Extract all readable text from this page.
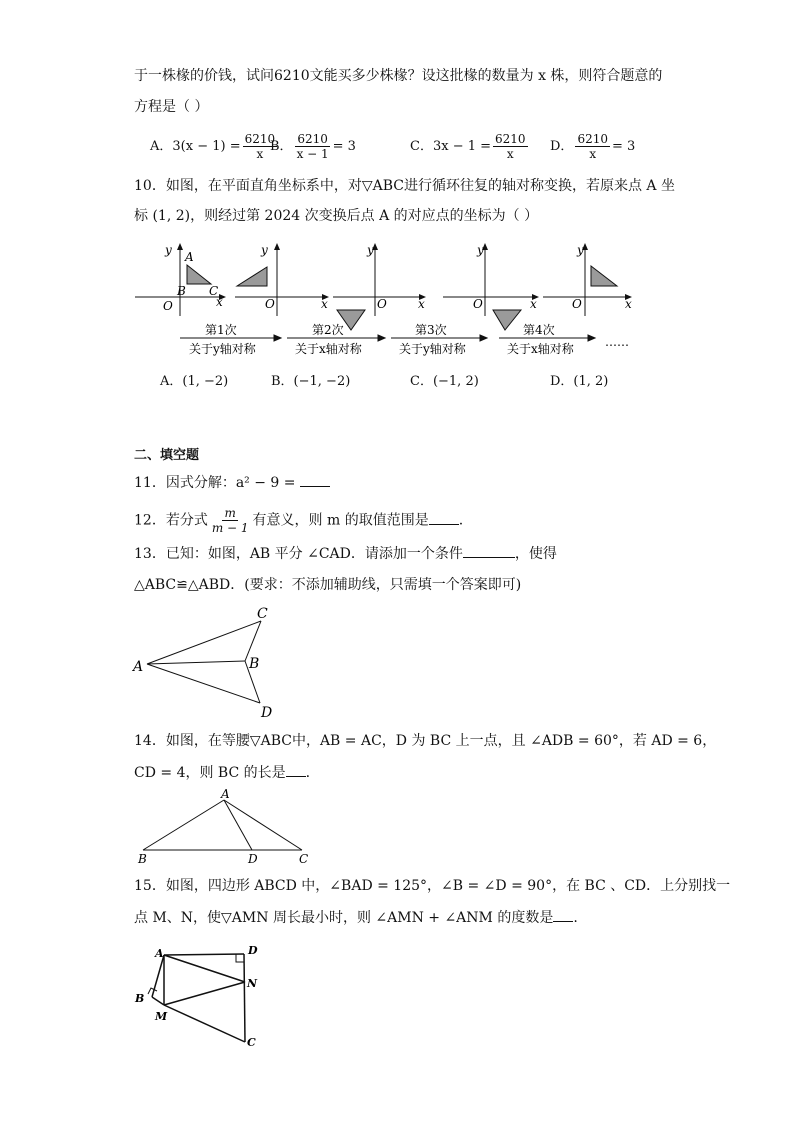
于一株椽的价钱，试问6210文能买多少株椽？设这批椽的数量为 x 株，则符合题意的
方程是（ ）
A．$3(x - 1) = \frac{6210}{x}$
B． $\frac{6210}{x - 1} = 3$	C．$3x - 1 = \frac{6210}{x}$ D． $\frac{6210}{x} = 3$
10．如图，在平面直角坐标系中，对▽ABC进行循环往复的轴对称变换，若原来点 A 坐
标 (1, 2)，则经过第 2024 次变换后点 A 的对应点的坐标为（ ）
y
x
O
A
B C
y
x
O
y
x
O
y
x
O
y
x
O
第1次
关于y轴对称
第2次
关于x轴对称
第3次
关于y轴对称
第4次
关于x轴对称	……
A．(1, −2)	B．(−1, −2)	C．(−1, 2)	D．(1, 2)
二、填空题
11．因式分解：a² − 9 =
12．若分式 $\frac{m}{m - 1}$ 有意义，则 m 的取值范围是 .
13．已知：如图，AB 平分 ∠CAD．请添加一个条件	，使得
△ABC≌△ABD．(要求：不添加辅助线，只需填一个答案即可)
A	B
C
D
14．如图，在等腰▽ABC中，AB = AC，D 为 BC 上一点，且 ∠ADB = 60°，若 AD = 6，
CD = 4，则 BC 的长是 .
A
B	D	C
15．如图，四边形 ABCD 中，∠BAD = 125°，∠B = ∠D = 90°，在 BC 、CD．上分别找一
点 M、N，使▽AMN 周长最小时，则 ∠AMN + ∠ANM 的度数是 .
A	D
N
B
M
C
